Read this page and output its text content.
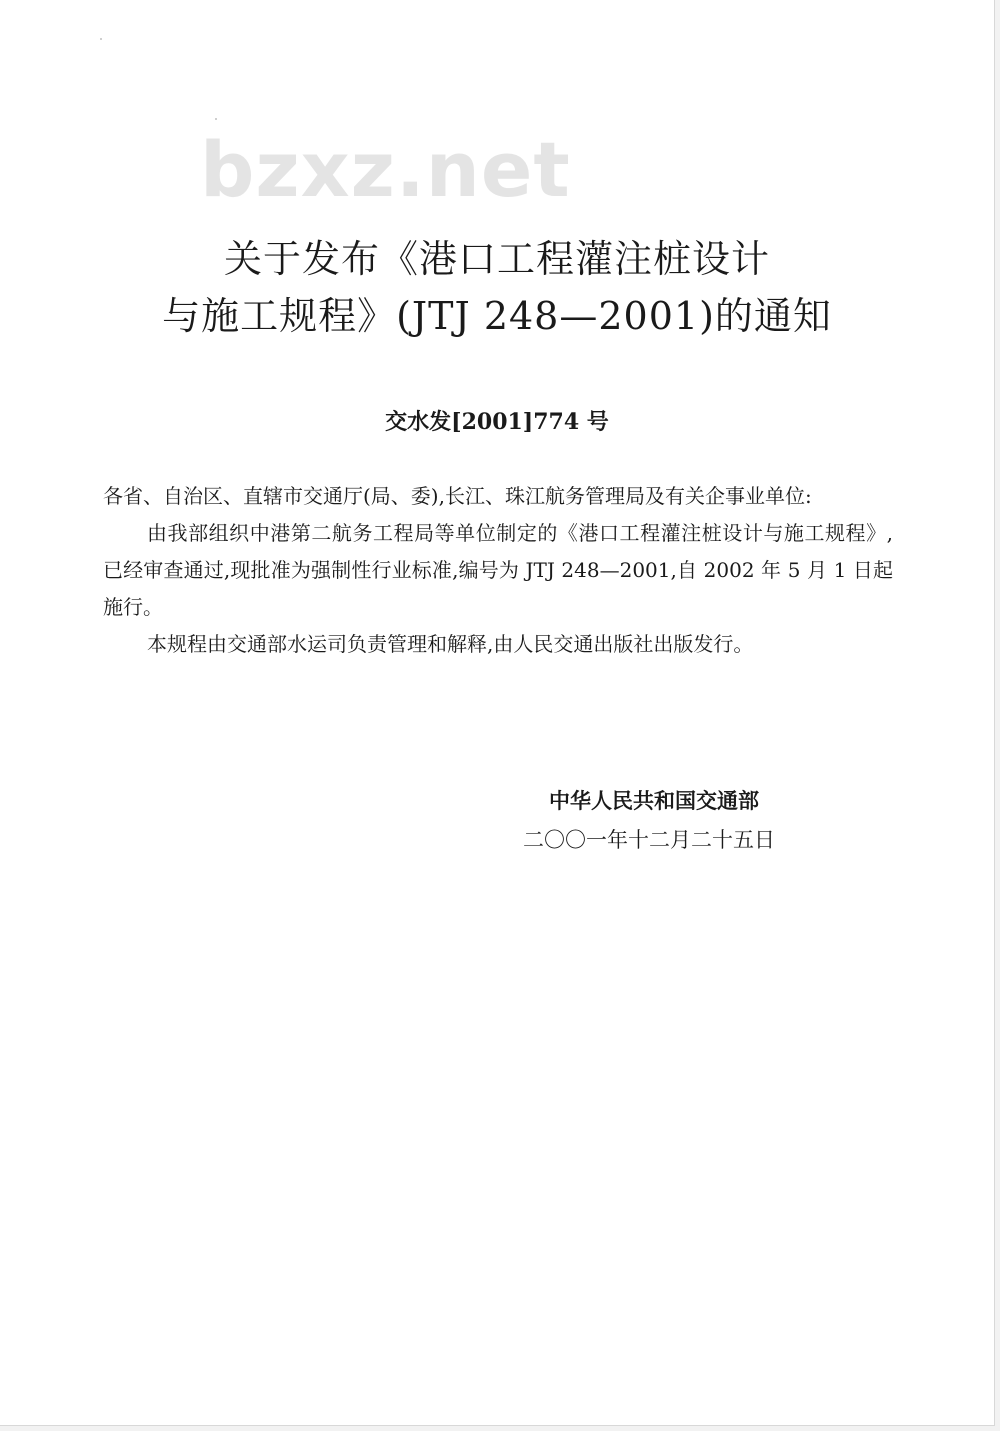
bzxz.net
关于发布《港口工程灌注桩设计
与施工规程》(JTJ 248—2001)的通知
交水发[2001]774 号

各省、自治区、直辖市交通厅(局、委),长江、珠江航务管理局及有关企事业单位:

由我部组织中港第二航务工程局等单位制定的《港口工程灌注桩设计与施工规程》,已经审查通过,现批准为强制性行业标准,编号为 JTJ 248—2001,自 2002 年 5 月 1 日起施行。

本规程由交通部水运司负责管理和解释,由人民交通出版社出版发行。

中华人民共和国交通部
二〇〇一年十二月二十五日
